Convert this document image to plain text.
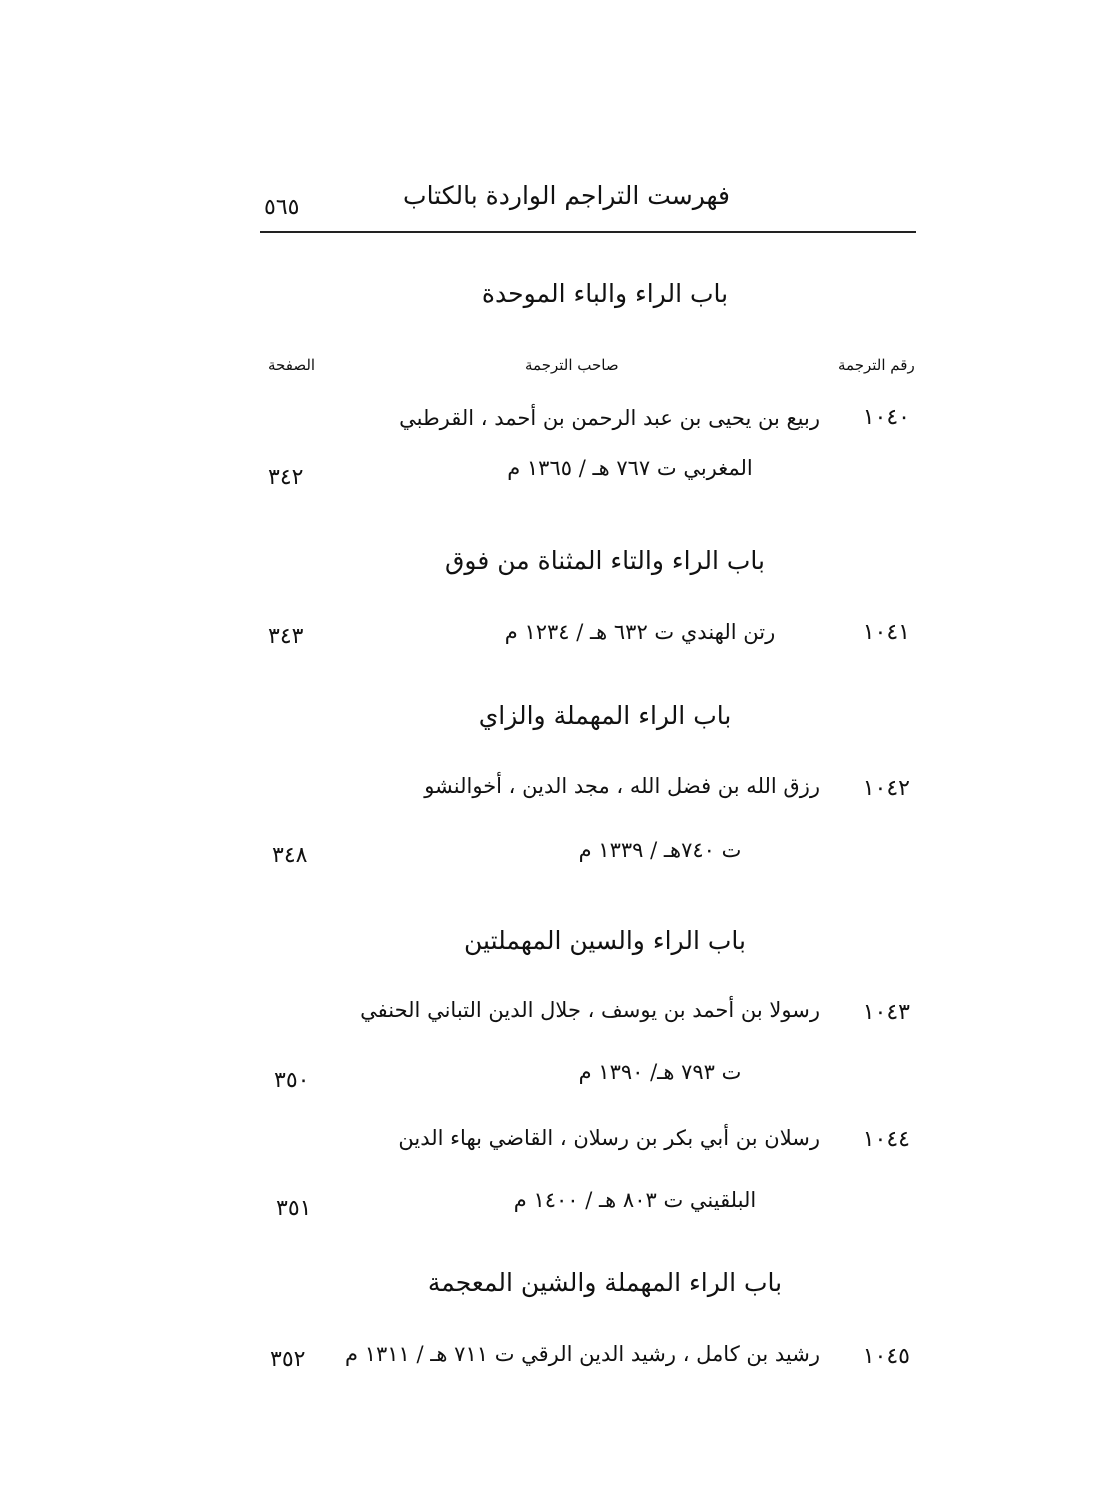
فهرست التراجم الواردة بالكتاب
٥٦٥
باب الراء والباء الموحدة
رقم الترجمة
صاحب الترجمة
الصفحة
١٠٤٠
ربيع بن يحيى بن عبد الرحمن بن أحمد ، القرطبي
المغربي ت ٧٦٧ هـ / ١٣٦٥ م
٣٤٢
باب الراء والتاء المثناة من فوق
١٠٤١
رتن الهندي ت ٦٣٢ هـ / ١٢٣٤ م
٣٤٣
باب الراء المهملة والزاي
١٠٤٢
رزق الله بن فضل الله ، مجد الدين ، أخوالنشو
ت ٧٤٠هـ / ١٣٣٩ م
٣٤٨
باب الراء والسين المهملتين
١٠٤٣
رسولا بن أحمد بن يوسف ، جلال الدين التباني الحنفي
ت ٧٩٣ هـ/ ١٣٩٠ م
٣٥٠
١٠٤٤
رسلان بن أبي بكر بن رسلان ، القاضي بهاء الدين
البلقيني ت ٨٠٣ هـ / ١٤٠٠ م
٣٥١
باب الراء المهملة والشين المعجمة
١٠٤٥
رشيد بن كامل ، رشيد الدين الرقي ت ٧١١ هـ / ١٣١١ م
٣٥٢
